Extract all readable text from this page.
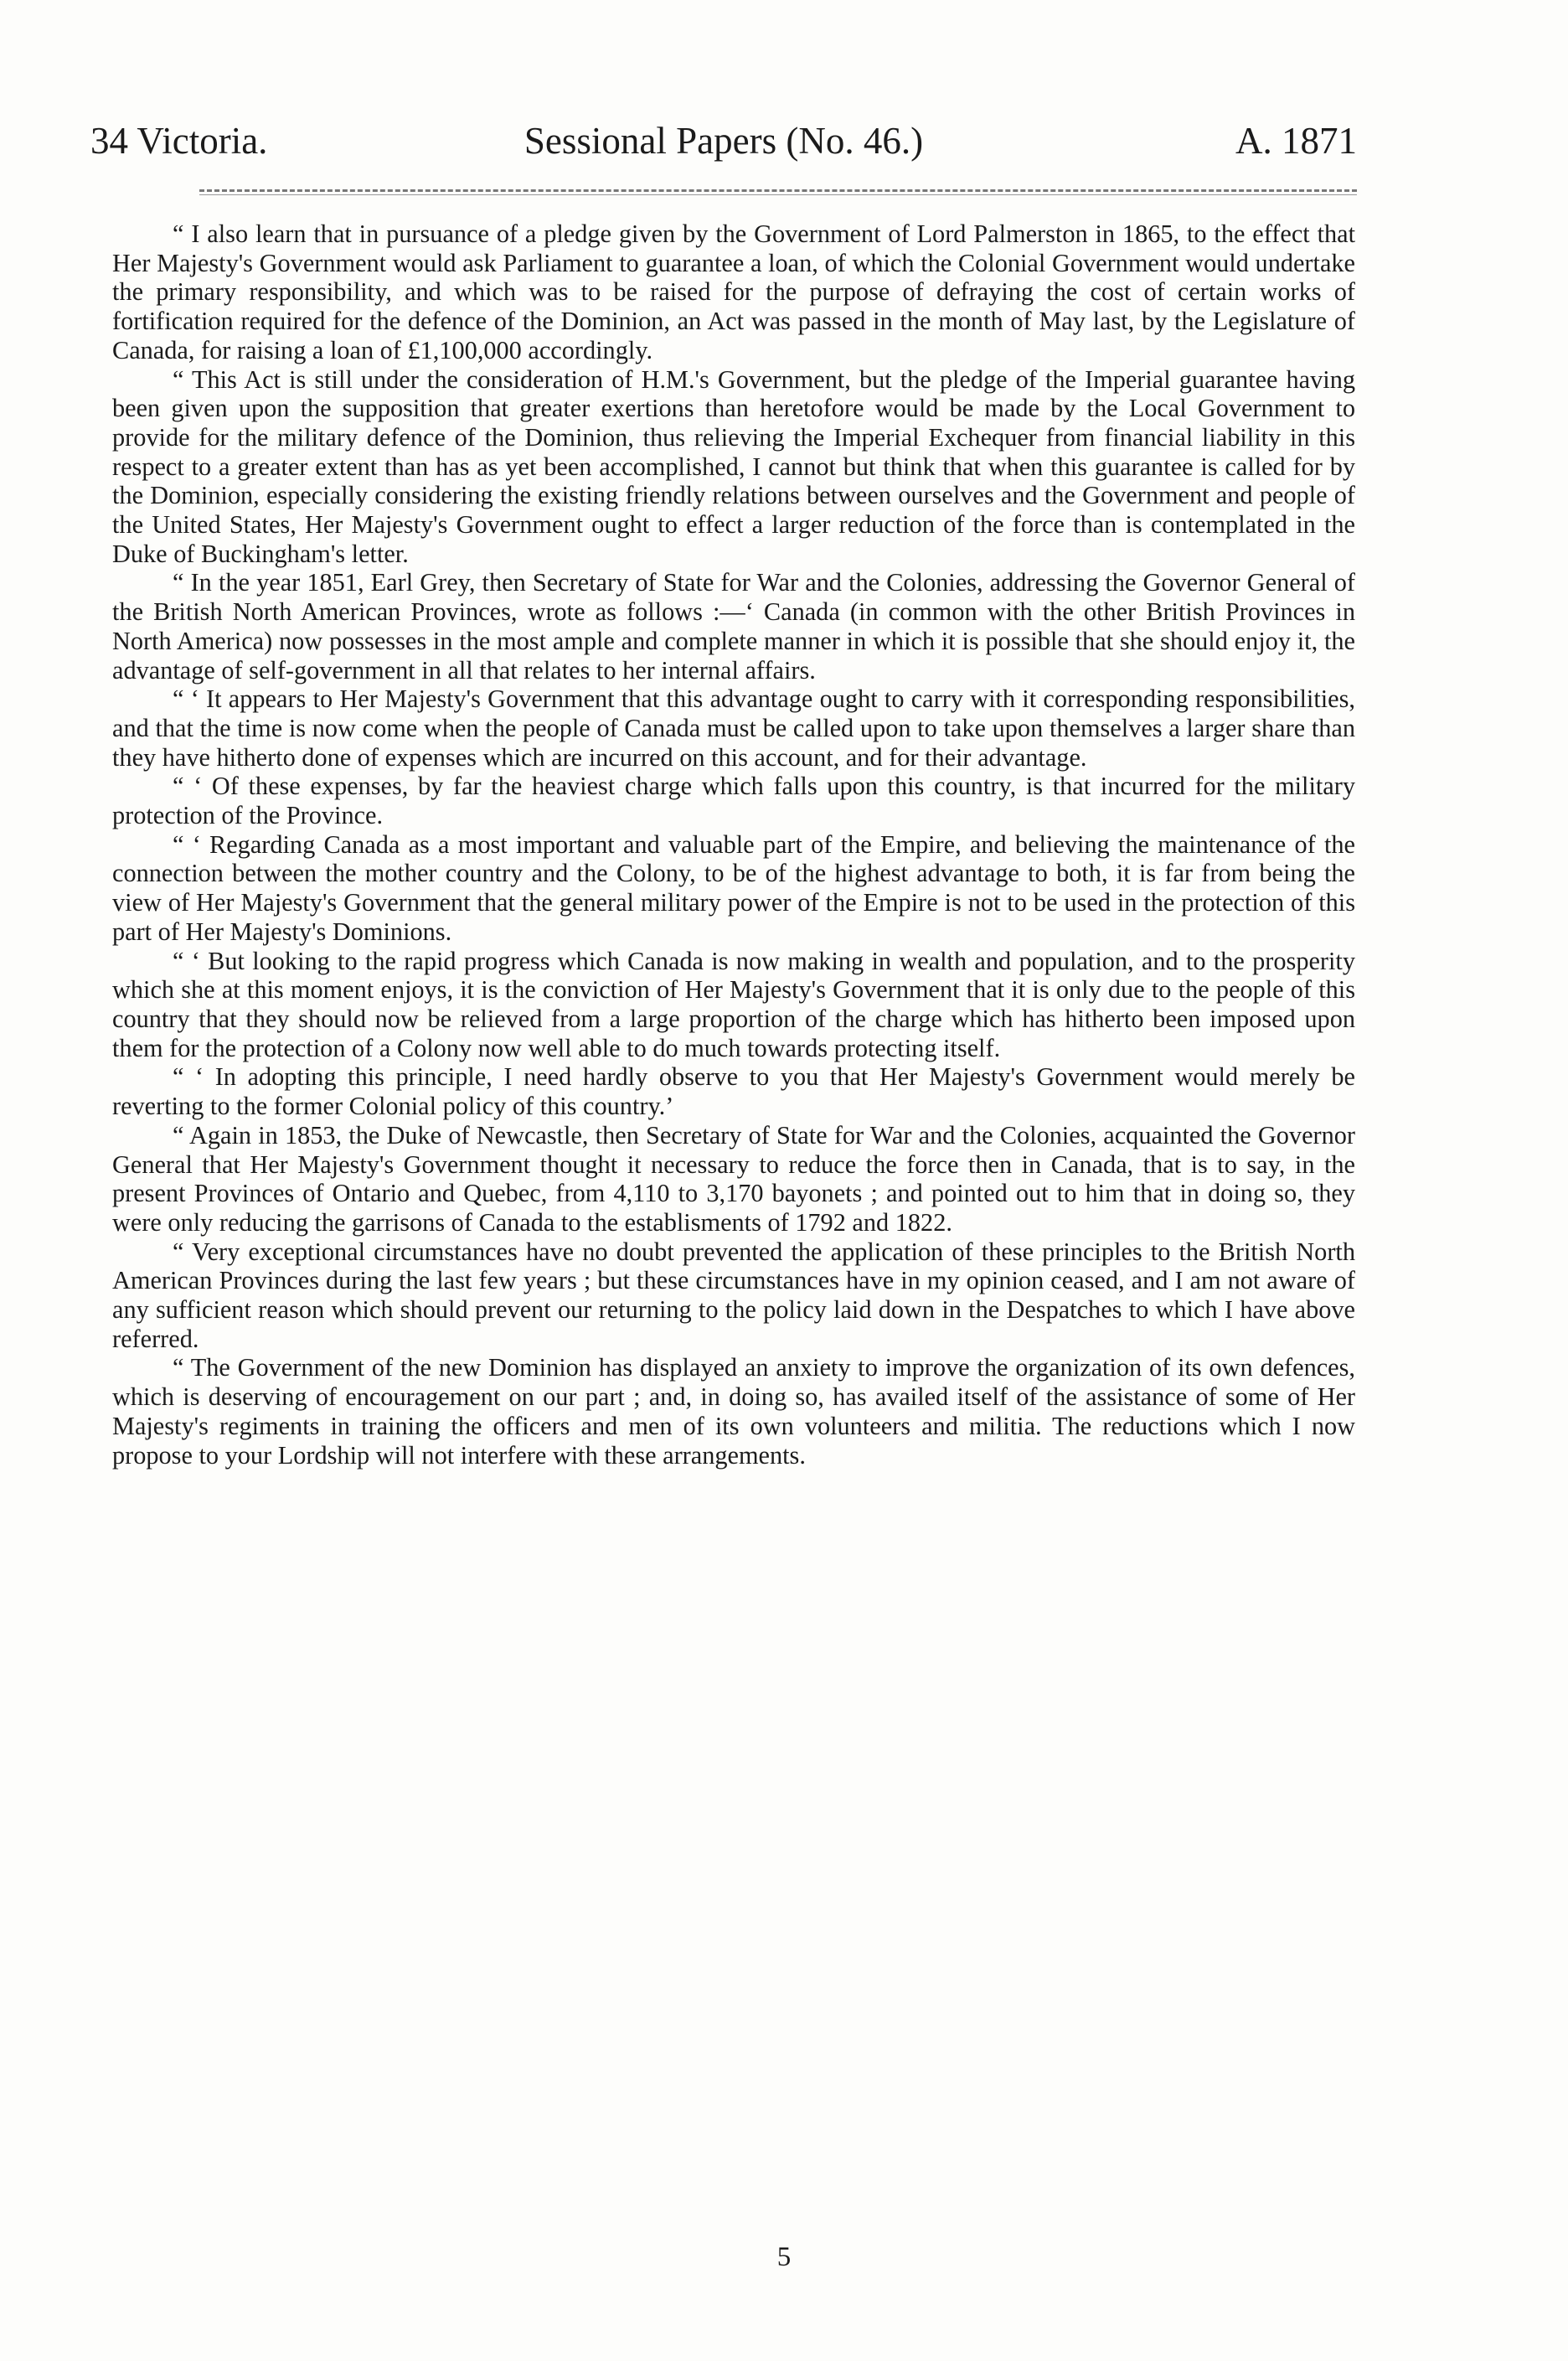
34 Victoria.	Sessional Papers (No. 46.)	A. 1871

“ I also learn that in pursuance of a pledge given by the Government of Lord Palmerston in 1865, to the effect that Her Majesty's Government would ask Parliament to guarantee a loan, of which the Colonial Government would undertake the primary responsibility, and which was to be raised for the purpose of defraying the cost of certain works of fortification required for the defence of the Dominion, an Act was passed in the month of May last, by the Legislature of Canada, for raising a loan of £1,100,000 accordingly.

“ This Act is still under the consideration of H.M.'s Government, but the pledge of the Imperial guarantee having been given upon the supposition that greater exertions than heretofore would be made by the Local Government to provide for the military defence of the Dominion, thus relieving the Imperial Exchequer from financial liability in this respect to a greater extent than has as yet been accomplished, I cannot but think that when this guarantee is called for by the Dominion, especially considering the existing friendly relations between ourselves and the Government and people of the United States, Her Majesty's Government ought to effect a larger reduction of the force than is contemplated in the Duke of Buckingham's letter.

“ In the year 1851, Earl Grey, then Secretary of State for War and the Colonies, addressing the Governor General of the British North American Provinces, wrote as follows :—‘ Canada (in common with the other British Provinces in North America) now possesses in the most ample and complete manner in which it is possible that she should enjoy it, the advantage of self-government in all that relates to her internal affairs.

“ ‘ It appears to Her Majesty's Government that this advantage ought to carry with it corresponding responsibilities, and that the time is now come when the people of Canada must be called upon to take upon themselves a larger share than they have hitherto done of expenses which are incurred on this account, and for their advantage.

“ ‘ Of these expenses, by far the heaviest charge which falls upon this country, is that incurred for the military protection of the Province.

“ ‘ Regarding Canada as a most important and valuable part of the Empire, and believing the maintenance of the connection between the mother country and the Colony, to be of the highest advantage to both, it is far from being the view of Her Majesty's Government that the general military power of the Empire is not to be used in the protection of this part of Her Majesty's Dominions.

“ ‘ But looking to the rapid progress which Canada is now making in wealth and population, and to the prosperity which she at this moment enjoys, it is the conviction of Her Majesty's Government that it is only due to the people of this country that they should now be relieved from a large proportion of the charge which has hitherto been imposed upon them for the protection of a Colony now well able to do much towards protecting itself.

“ ‘ In adopting this principle, I need hardly observe to you that Her Majesty's Government would merely be reverting to the former Colonial policy of this country.’

“ Again in 1853, the Duke of Newcastle, then Secretary of State for War and the Colonies, acquainted the Governor General that Her Majesty's Government thought it necessary to reduce the force then in Canada, that is to say, in the present Provinces of Ontario and Quebec, from 4,110 to 3,170 bayonets ; and pointed out to him that in doing so, they were only reducing the garrisons of Canada to the establisments of 1792 and 1822.

“ Very exceptional circumstances have no doubt prevented the application of these principles to the British North American Provinces during the last few years ; but these circumstances have in my opinion ceased, and I am not aware of any sufficient reason which should prevent our returning to the policy laid down in the Despatches to which I have above referred.

“ The Government of the new Dominion has displayed an anxiety to improve the organization of its own defences, which is deserving of encouragement on our part ; and, in doing so, has availed itself of the assistance of some of Her Majesty's regiments in training the officers and men of its own volunteers and militia. The reductions which I now propose to your Lordship will not interfere with these arrangements.

5
